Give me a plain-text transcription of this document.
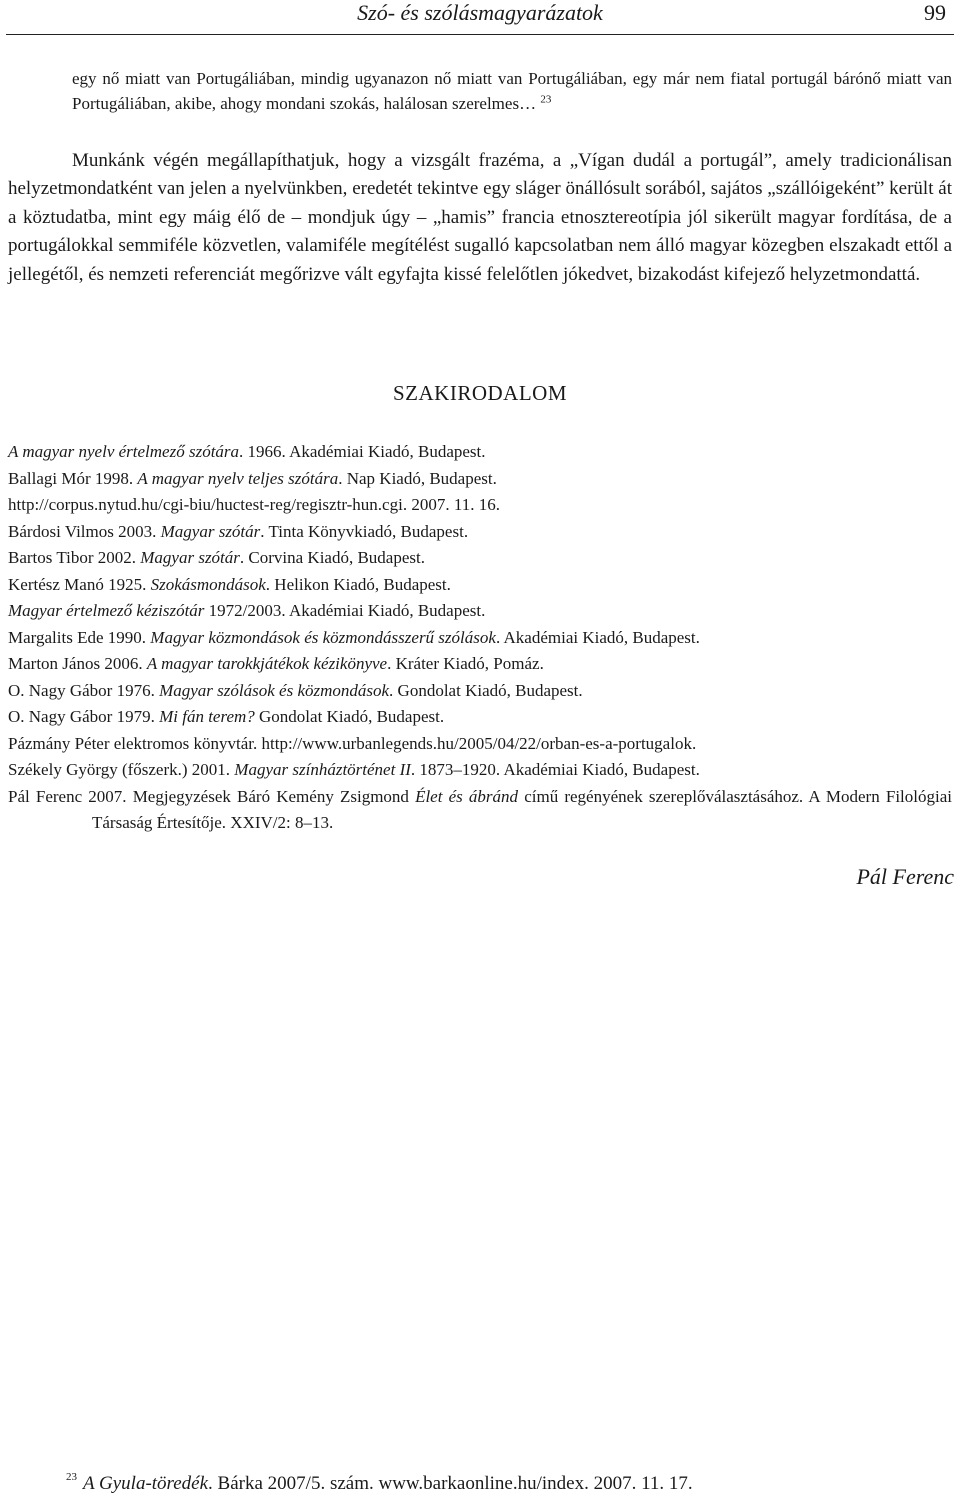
Szó- és szólásmagyarázatok	99

egy nő miatt van Portugáliában, mindig ugyanazon nő miatt van Portugáliában, egy már nem fiatal portugál bárónő miatt van Portugáliában, akibe, ahogy mondani szokás, halálosan szerelmes… $^{23}$

Munkánk végén megállapíthatjuk, hogy a vizsgált frazéma, a „Vígan dudál a portugál”, amely tradicionálisan helyzetmondatként van jelen a nyelvünkben, eredetét tekintve egy sláger önállósult sorából, sajátos „szállóigeként” került át a köztudatba, mint egy máig élő de – mondjuk úgy – „hamis” francia etnosztereotípia jól sikerült magyar fordítása, de a portugálokkal semmiféle közvetlen, valamiféle megítélést sugalló kapcsolatban nem álló magyar közegben elszakadt ettől a jellegétől, és nemzeti referenciát megőrizve vált egyfajta kissé felelőtlen jókedvet, bizakodást kifejező helyzetmondattá.

SZAKIRODALOM
A magyar nyelv értelmező szótára. 1966. Akadémiai Kiadó, Budapest.
Ballagi Mór 1998. A magyar nyelv teljes szótára. Nap Kiadó, Budapest.
http://corpus.nytud.hu/cgi-biu/huctest-reg/regisztr-hun.cgi. 2007. 11. 16.
Bárdosi Vilmos 2003. Magyar szótár. Tinta Könyvkiadó, Budapest.
Bartos Tibor 2002. Magyar szótár. Corvina Kiadó, Budapest.
Kertész Manó 1925. Szokásmondások. Helikon Kiadó, Budapest.
Magyar értelmező kéziszótár 1972/2003. Akadémiai Kiadó, Budapest.
Margalits Ede 1990. Magyar közmondások és közmondásszerű szólások. Akadémiai Kiadó, Budapest.
Marton János 2006. A magyar tarokkjátékok kézikönyve. Kráter Kiadó, Pomáz.
O. Nagy Gábor 1976. Magyar szólások és közmondások. Gondolat Kiadó, Budapest.
O. Nagy Gábor 1979. Mi fán terem? Gondolat Kiadó, Budapest.
Pázmány Péter elektromos könyvtár. http://www.urbanlegends.hu/2005/04/22/orban-es-a-portugalok.
Székely György (főszerk.) 2001. Magyar színháztörténet II. 1873–1920. Akadémiai Kiadó, Budapest.
Pál Ferenc 2007. Megjegyzések Báró Kemény Zsigmond Élet és ábránd című regényének szereplőválasztásához. A Modern Filológiai Társaság Értesítője. XXIV/2: 8–13.
Pál Ferenc
$^{23}$ A Gyula-töredék. Bárka 2007/5. szám. www.barkaonline.hu/index. 2007. 11. 17.
